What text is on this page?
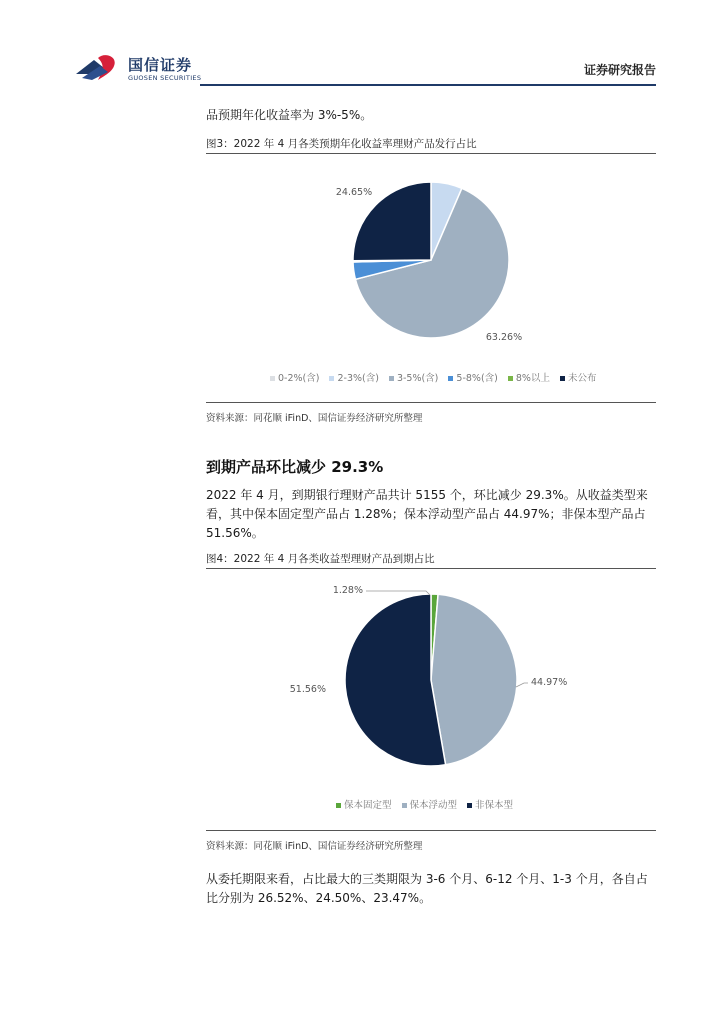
国信证券
GUOSEN SECURITIES
证券研究报告

品预期年化收益率为 3%-5%。

图3：2022 年 4 月各类预期年化收益率理财产品发行占比
24.65%
63.26%
0-2%(含) 2-3%(含) 3-5%(含) 5-8%(含) 8%以上 未公布
资料来源：同花顺 iFinD、国信证券经济研究所整理
到期产品环比减少 29.3%

2022 年 4 月，到期银行理财产品共计 5155 个，环比减少 29.3%。从收益类型来看，其中保本固定型产品占 1.28%；保本浮动型产品占 44.97%；非保本型产品占 51.56%。

图4：2022 年 4 月各类收益型理财产品到期占比
1.28%
44.97%
51.56%
保本固定型 保本浮动型 非保本型
资料来源：同花顺 iFinD、国信证券经济研究所整理

从委托期限来看，占比最大的三类期限为 3-6 个月、6-12 个月、1-3 个月，各自占比分别为 26.52%、24.50%、23.47%。
